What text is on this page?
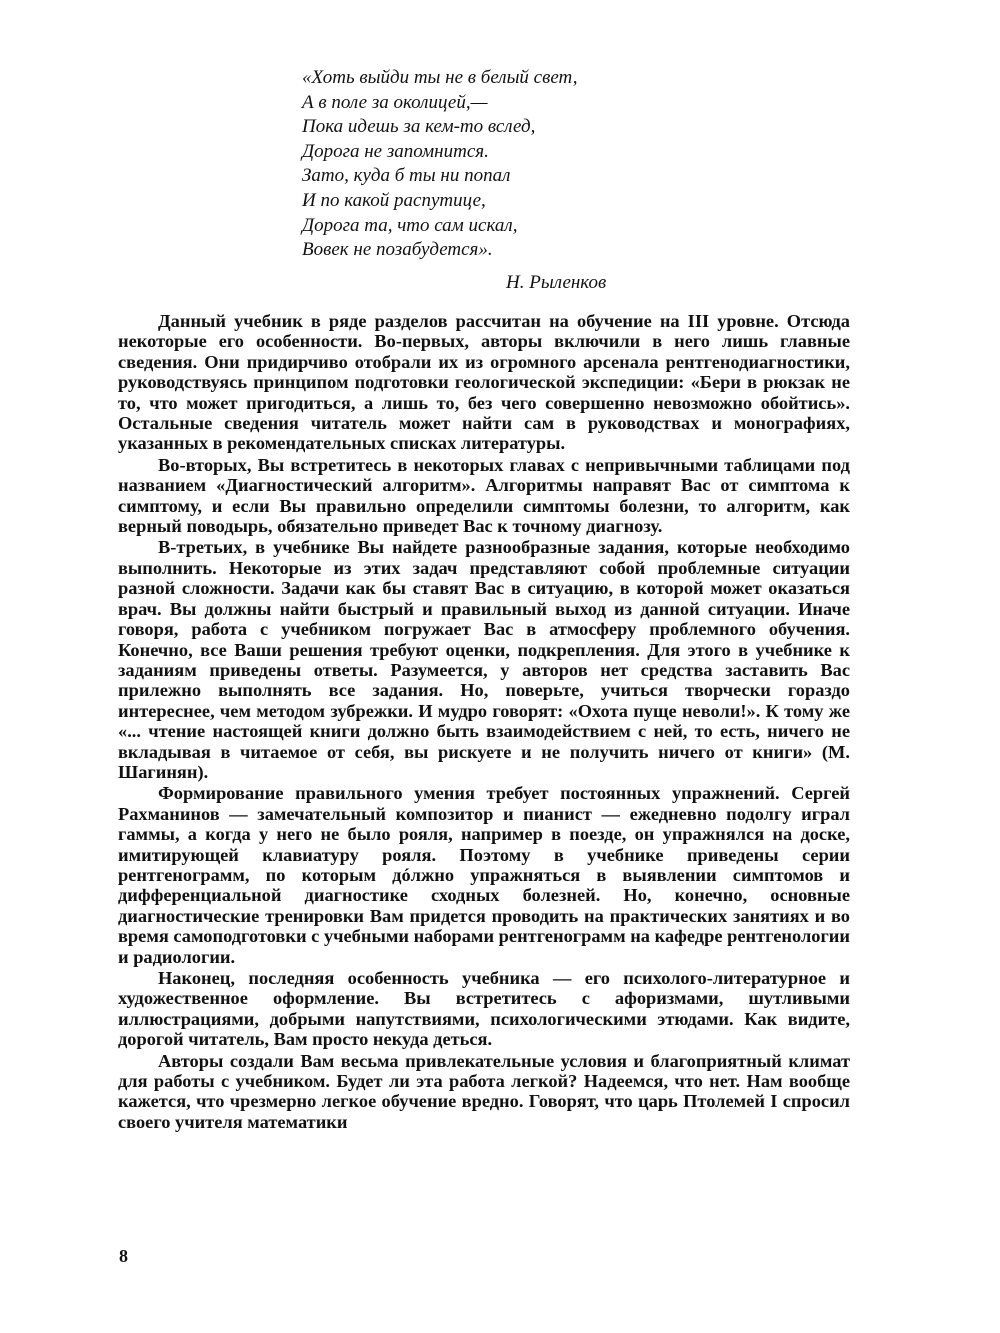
«Хоть выйди ты не в белый свет,
А в поле за околицей,—
Пока идешь за кем-то вслед,
Дорога не запомнится.
Зато, куда б ты ни попал
И по какой распутице,
Дорога та, что сам искал,
Вовек не позабудется».
Н. Рыленков

Данный учебник в ряде разделов рассчитан на обучение на III уровне. Отсюда некоторые его особенности. Во-первых, авторы включили в него лишь главные сведения. Они придирчиво отобрали их из огромного арсенала рентгенодиагностики, руководствуясь принципом подготовки геологической экспедиции: «Бери в рюкзак не то, что может пригодиться, а лишь то, без чего совершенно невозможно обойтись». Остальные сведения читатель может найти сам в руководствах и монографиях, указанных в рекомендательных списках литературы.

Во-вторых, Вы встретитесь в некоторых главах с непривычными таблицами под названием «Диагностический алгоритм». Алгоритмы направят Вас от симптома к симптому, и если Вы правильно определили симптомы болезни, то алгоритм, как верный поводырь, обязательно приведет Вас к точному диагнозу.

В-третьих, в учебнике Вы найдете разнообразные задания, которые необходимо выполнить. Некоторые из этих задач представляют собой проблемные ситуации разной сложности. Задачи как бы ставят Вас в ситуацию, в которой может оказаться врач. Вы должны найти быстрый и правильный выход из данной ситуации. Иначе говоря, работа с учебником погружает Вас в атмосферу проблемного обучения. Конечно, все Ваши решения требуют оценки, подкрепления. Для этого в учебнике к заданиям приведены ответы. Разумеется, у авторов нет средства заставить Вас прилежно выполнять все задания. Но, поверьте, учиться творчески гораздо интереснее, чем методом зубрежки. И мудро говорят: «Охота пуще неволи!». К тому же «... чтение настоящей книги должно быть взаимодействием с ней, то есть, ничего не вкладывая в читаемое от себя, вы рискуете и не получить ничего от книги» (М. Шагинян).

Формирование правильного умения требует постоянных упражнений. Сергей Рахманинов — замечательный композитор и пианист — ежедневно подолгу играл гаммы, а когда у него не было рояля, например в поезде, он упражнялся на доске, имитирующей клавиатуру рояля. Поэтому в учебнике приведены серии рентгенограмм, по которым дóлжно упражняться в выявлении симптомов и дифференциальной диагностике сходных болезней. Но, конечно, основные диагностические тренировки Вам придется проводить на практических занятиях и во время самоподготовки с учебными наборами рентгенограмм на кафедре рентгенологии и радиологии.

Наконец, последняя особенность учебника — его психолого-литературное и художественное оформление. Вы встретитесь с афоризмами, шутливыми иллюстрациями, добрыми напутствиями, психологическими этюдами. Как видите, дорогой читатель, Вам просто некуда деться.

Авторы создали Вам весьма привлекательные условия и благоприятный климат для работы с учебником. Будет ли эта работа легкой? Надеемся, что нет. Нам вообще кажется, что чрезмерно легкое обучение вредно. Говорят, что царь Птолемей I спросил своего учителя математики

8
